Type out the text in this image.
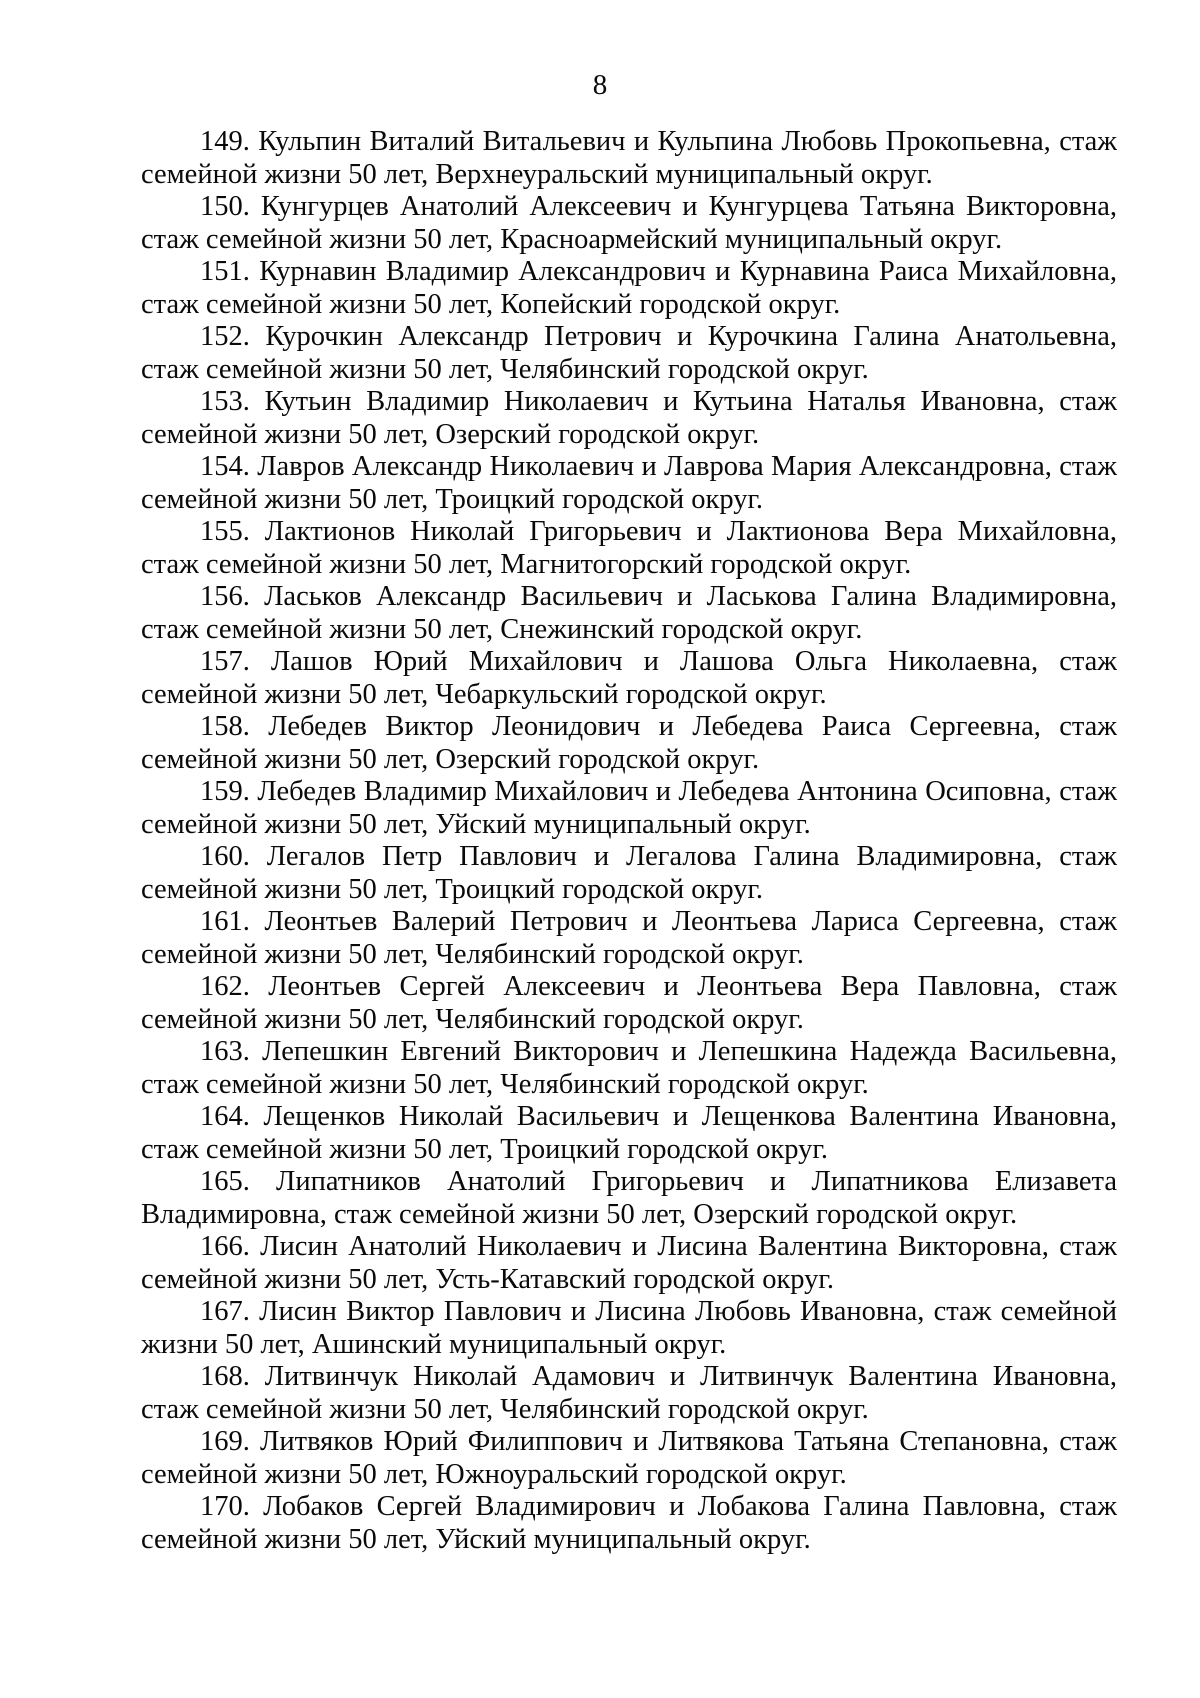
8

149. Кульпин Виталий Витальевич и Кульпина Любовь Прокопьевна, стаж семейной жизни 50 лет, Верхнеуральский муниципальный округ.

150. Кунгурцев Анатолий Алексеевич и Кунгурцева Татьяна Викторовна, стаж семейной жизни 50 лет, Красноармейский муниципальный округ.

151. Курнавин Владимир Александрович и Курнавина Раиса Михайловна, стаж семейной жизни 50 лет, Копейский городской округ.

152. Курочкин Александр Петрович и Курочкина Галина Анатольевна, стаж семейной жизни 50 лет, Челябинский городской округ.

153. Кутьин Владимир Николаевич и Кутьина Наталья Ивановна, стаж семейной жизни 50 лет, Озерский городской округ.

154. Лавров Александр Николаевич и Лаврова Мария Александровна, стаж семейной жизни 50 лет, Троицкий городской округ.

155. Лактионов Николай Григорьевич и Лактионова Вера Михайловна, стаж семейной жизни 50 лет, Магнитогорский городской округ.

156. Ласьков Александр Васильевич и Ласькова Галина Владимировна, стаж семейной жизни 50 лет, Снежинский городской округ.

157. Лашов Юрий Михайлович и Лашова Ольга Николаевна, стаж семейной жизни 50 лет, Чебаркульский городской округ.

158. Лебедев Виктор Леонидович и Лебедева Раиса Сергеевна, стаж семейной жизни 50 лет, Озерский городской округ.

159. Лебедев Владимир Михайлович и Лебедева Антонина Осиповна, стаж семейной жизни 50 лет, Уйский муниципальный округ.

160. Легалов Петр Павлович и Легалова Галина Владимировна, стаж семейной жизни 50 лет, Троицкий городской округ.

161. Леонтьев Валерий Петрович и Леонтьева Лариса Сергеевна, стаж семейной жизни 50 лет, Челябинский городской округ.

162. Леонтьев Сергей Алексеевич и Леонтьева Вера Павловна, стаж семейной жизни 50 лет, Челябинский городской округ.

163. Лепешкин Евгений Викторович и Лепешкина Надежда Васильевна, стаж семейной жизни 50 лет, Челябинский городской округ.

164. Лещенков Николай Васильевич и Лещенкова Валентина Ивановна, стаж семейной жизни 50 лет, Троицкий городской округ.

165. Липатников Анатолий Григорьевич и Липатникова Елизавета Владимировна, стаж семейной жизни 50 лет, Озерский городской округ.

166. Лисин Анатолий Николаевич и Лисина Валентина Викторовна, стаж семейной жизни 50 лет, Усть-Катавский городской округ.

167. Лисин Виктор Павлович и Лисина Любовь Ивановна, стаж семейной жизни 50 лет, Ашинский муниципальный округ.

168. Литвинчук Николай Адамович и Литвинчук Валентина Ивановна, стаж семейной жизни 50 лет, Челябинский городской округ.

169. Литвяков Юрий Филиппович и Литвякова Татьяна Степановна, стаж семейной жизни 50 лет, Южноуральский городской округ.

170. Лобаков Сергей Владимирович и Лобакова Галина Павловна, стаж семейной жизни 50 лет, Уйский муниципальный округ.
